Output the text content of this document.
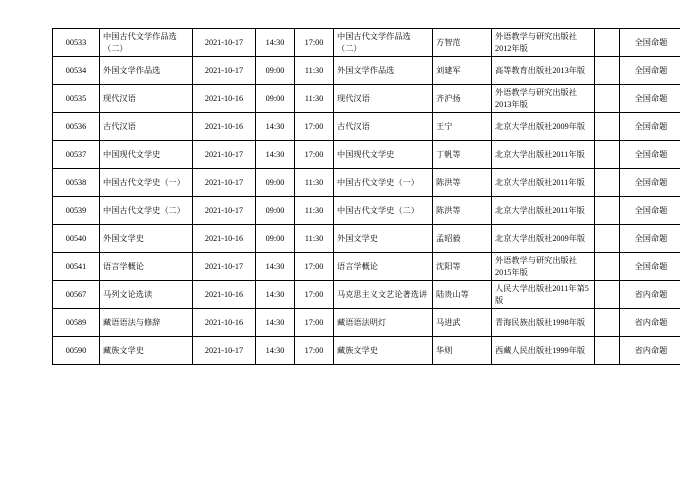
00533	中国古代文学作品选（二）	2021-10-17	14:30	17:00	中国古代文学作品选（二）	方智范	外语教学与研究出版社2012年版		全国命题
00534	外国文学作品选	2021-10-17	09:00	11:30	外国文学作品选	刘建军	高等教育出版社2013年版		全国命题
00535	现代汉语	2021-10-16	09:00	11:30	现代汉语	齐沪扬	外语教学与研究出版社2013年版		全国命题
00536	古代汉语	2021-10-16	14:30	17:00	古代汉语	王宁	北京大学出版社2009年版		全国命题
00537	中国现代文学史	2021-10-17	14:30	17:00	中国现代文学史	丁帆等	北京大学出版社2011年版		全国命题
00538	中国古代文学史（一）	2021-10-17	09:00	11:30	中国古代文学史（一）	陈洪等	北京大学出版社2011年版		全国命题
00539	中国古代文学史（二）	2021-10-17	09:00	11:30	中国古代文学史（二）	陈洪等	北京大学出版社2011年版		全国命题
00540	外国文学史	2021-10-16	09:00	11:30	外国文学史	孟昭毅	北京大学出版社2009年版		全国命题
00541	语言学概论	2021-10-17	14:30	17:00	语言学概论	沈阳等	外语教学与研究出版社2015年版		全国命题
00567	马列文论选读	2021-10-16	14:30	17:00	马克思主义文艺论著选讲	陆贵山等	人民大学出版社2011年第5版		省内命题
00589	藏语语法与修辞	2021-10-16	14:30	17:00	藏语语法明灯	马进武	青海民族出版社1998年版		省内命题
00590	藏族文学史	2021-10-17	14:30	17:00	藏族文学史	华则	西藏人民出版社1999年版		省内命题
